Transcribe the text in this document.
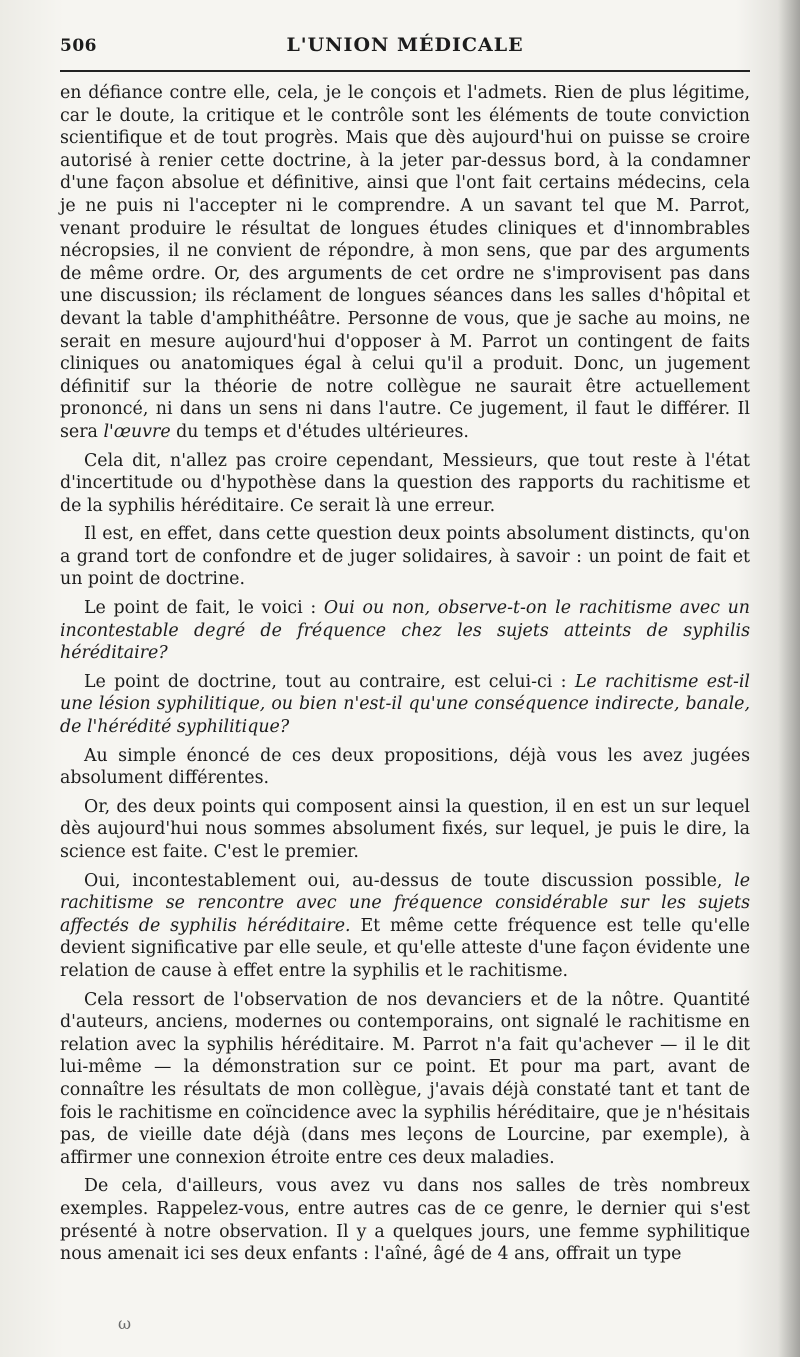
506	L'UNION MÉDICALE

en défiance contre elle, cela, je le conçois et l'admets. Rien de plus légitime, car le doute, la critique et le contrôle sont les éléments de toute conviction scientifique et de tout progrès. Mais que dès aujourd'hui on puisse se croire autorisé à renier cette doctrine, à la jeter par-dessus bord, à la condamner d'une façon absolue et définitive, ainsi que l'ont fait certains médecins, cela je ne puis ni l'accepter ni le comprendre. A un savant tel que M. Parrot, venant produire le résultat de longues études cliniques et d'innombrables nécropsies, il ne convient de répondre, à mon sens, que par des arguments de même ordre. Or, des arguments de cet ordre ne s'improvisent pas dans une discussion; ils réclament de longues séances dans les salles d'hôpital et devant la table d'amphithéâtre. Personne de vous, que je sache au moins, ne serait en mesure aujourd'hui d'opposer à M. Parrot un contingent de faits cliniques ou anatomiques égal à celui qu'il a produit. Donc, un jugement définitif sur la théorie de notre collègue ne saurait être actuellement prononcé, ni dans un sens ni dans l'autre. Ce jugement, il faut le différer. Il sera l'œuvre du temps et d'études ultérieures.

Cela dit, n'allez pas croire cependant, Messieurs, que tout reste à l'état d'incertitude ou d'hypothèse dans la question des rapports du rachitisme et de la syphilis héréditaire. Ce serait là une erreur.

Il est, en effet, dans cette question deux points absolument distincts, qu'on a grand tort de confondre et de juger solidaires, à savoir : un point de fait et un point de doctrine.

Le point de fait, le voici : Oui ou non, observe-t-on le rachitisme avec un incontestable degré de fréquence chez les sujets atteints de syphilis héréditaire?

Le point de doctrine, tout au contraire, est celui-ci : Le rachitisme est-il une lésion syphilitique, ou bien n'est-il qu'une conséquence indirecte, banale, de l'hérédité syphilitique?

Au simple énoncé de ces deux propositions, déjà vous les avez jugées absolument différentes.

Or, des deux points qui composent ainsi la question, il en est un sur lequel dès aujourd'hui nous sommes absolument fixés, sur lequel, je puis le dire, la science est faite. C'est le premier.

Oui, incontestablement oui, au-dessus de toute discussion possible, le rachitisme se rencontre avec une fréquence considérable sur les sujets affectés de syphilis héréditaire. Et même cette fréquence est telle qu'elle devient significative par elle seule, et qu'elle atteste d'une façon évidente une relation de cause à effet entre la syphilis et le rachitisme.

Cela ressort de l'observation de nos devanciers et de la nôtre. Quantité d'auteurs, anciens, modernes ou contemporains, ont signalé le rachitisme en relation avec la syphilis héréditaire. M. Parrot n'a fait qu'achever — il le dit lui-même — la démonstration sur ce point. Et pour ma part, avant de connaître les résultats de mon collègue, j'avais déjà constaté tant et tant de fois le rachitisme en coïncidence avec la syphilis héréditaire, que je n'hésitais pas, de vieille date déjà (dans mes leçons de Lourcine, par exemple), à affirmer une connexion étroite entre ces deux maladies.

De cela, d'ailleurs, vous avez vu dans nos salles de très nombreux exemples. Rappelez-vous, entre autres cas de ce genre, le dernier qui s'est présenté à notre observation. Il y a quelques jours, une femme syphilitique nous amenait ici ses deux enfants : l'aîné, âgé de 4 ans, offrait un type

ω
